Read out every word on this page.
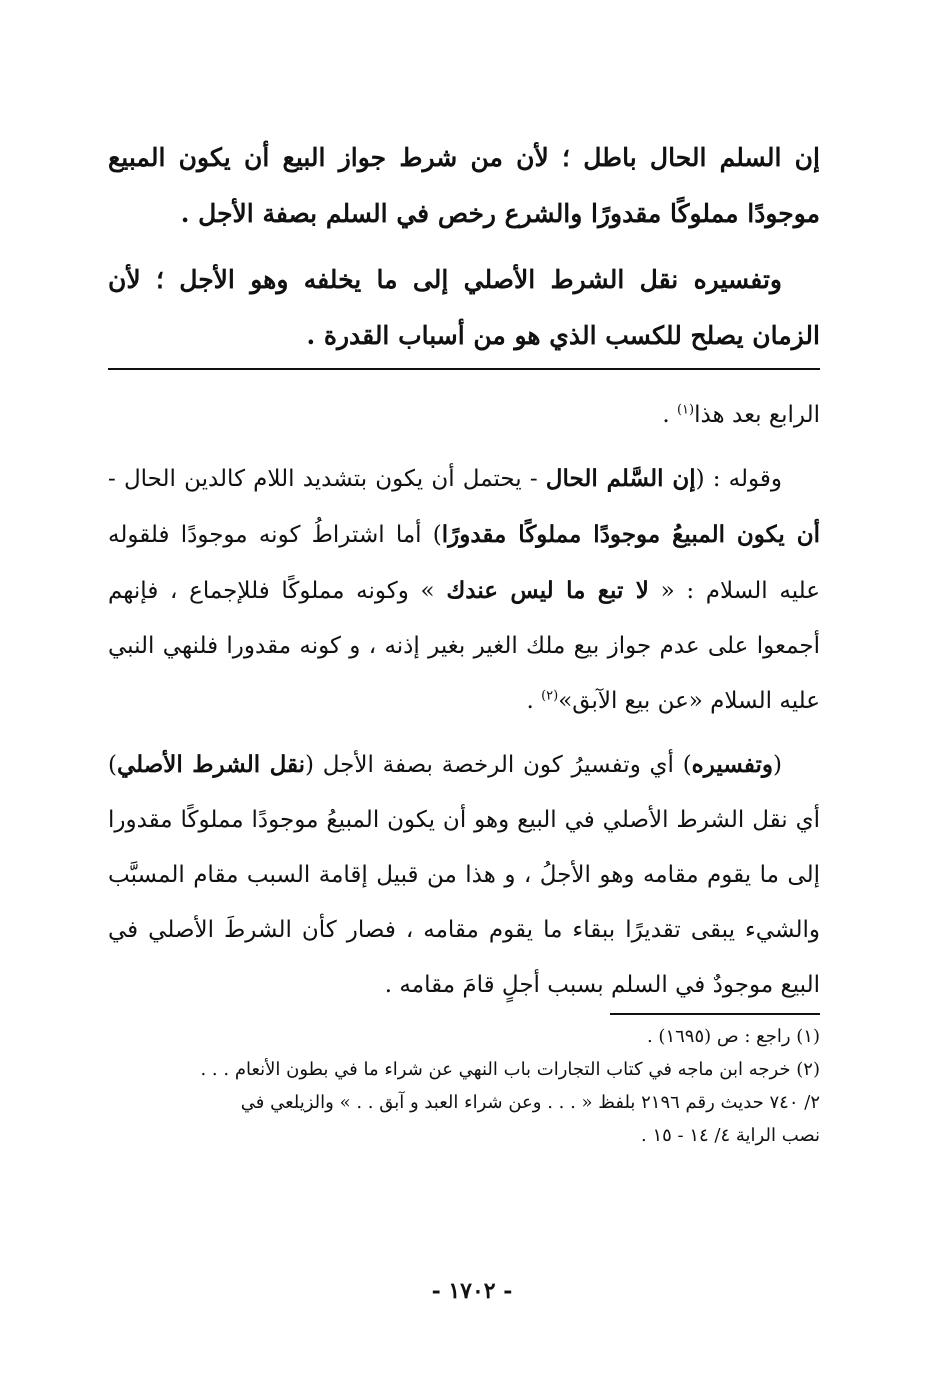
إن السلم الحال باطل ؛ لأن من شرط جواز البيع أن يكون المبيع موجودًا مملوكًا مقدورًا والشرع رخص في السلم بصفة الأجل .

وتفسيره نقل الشرط الأصلي إلى ما يخلفه وهو الأجل ؛ لأن الزمان يصلح للكسب الذي هو من أسباب القدرة .

الرابع بعد هذا$^{(١)}$ .

وقوله : (إن السَّلم الحال - يحتمل أن يكون بتشديد اللام كالدين الحال - أن يكون المبيعُ موجودًا مملوكًا مقدورًا) أما اشتراطُ كونه موجودًا فلقوله عليه السلام : « لا تبع ما ليس عندك » وكونه مملوكًا فللإجماع ، فإنهم أجمعوا على عدم جواز بيع ملك الغير بغير إذنه ، و كونه مقدورا فلنهي النبي عليه السلام «عن بيع الآبق»$^{(٢)}$ .

(وتفسيره) أي وتفسيرُ كون الرخصة بصفة الأجل (نقل الشرط الأصلي) أي نقل الشرط الأصلي في البيع وهو أن يكون المبيعُ موجودًا مملوكًا مقدورا إلى ما يقوم مقامه وهو الأجلُ ، و هذا من قبيل إقامة السبب مقام المسبَّب والشيء يبقى تقديرًا ببقاء ما يقوم مقامه ، فصار كأن الشرطَ الأصلي في البيع موجودٌ في السلم بسبب أجلٍ قامَ مقامه .

(١) راجع : ص (١٦٩٥) .

(٢) خرجه ابن ماجه في كتاب التجارات باب النهي عن شراء ما في بطون الأنعام . . .

٢/ ٧٤٠ حديث رقم ٢١٩٦ بلفظ « . . . وعن شراء العبد و آبق . . » والزيلعي في

نصب الراية ٤/ ١٤ - ١٥ .

- ١٧٠٢ -
